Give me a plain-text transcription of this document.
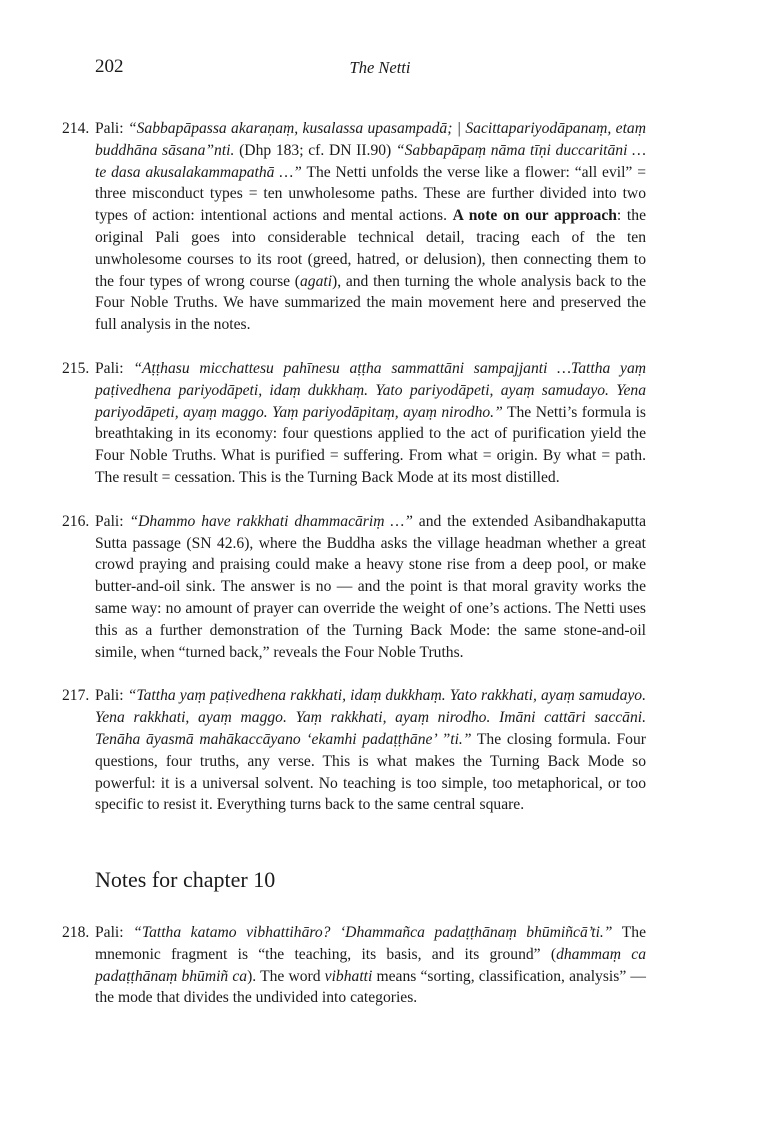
202	The Netti
214. Pali: “Sabbapāpassa akaraṇaṃ, kusalassa upasampadā; | Sacittapariyodāpanaṃ, etaṃ buddhāna sāsana”nti. (Dhp 183; cf. DN II.90) “Sabbapāpaṃ nāma tīṇi duccaritāni …te dasa akusalakammapathā …” The Netti unfolds the verse like a flower: “all evil” = three misconduct types = ten unwholesome paths. These are further divided into two types of action: intentional actions and mental actions. A note on our approach: the original Pali goes into considerable technical detail, tracing each of the ten unwholesome courses to its root (greed, hatred, or delusion), then connecting them to the four types of wrong course (agati), and then turning the whole analysis back to the Four Noble Truths. We have summarized the main movement here and preserved the full analysis in the notes.
215. Pali: “Aṭṭhasu micchattesu pahīnesu aṭṭha sammattāni sampajjanti …Tattha yaṃ paṭivedhena pariyodāpeti, idaṃ dukkhaṃ. Yato pariyodāpeti, ayaṃ samudayo. Yena pariyodāpeti, ayaṃ maggo. Yaṃ pariyodāpitaṃ, ayaṃ nirodho.” The Netti’s formula is breathtaking in its economy: four questions applied to the act of purification yield the Four Noble Truths. What is purified = suffering. From what = origin. By what = path. The result = cessation. This is the Turning Back Mode at its most distilled.
216. Pali: “Dhammo have rakkhati dhammacāriṃ …” and the extended Asibandhakaputta Sutta passage (SN 42.6), where the Buddha asks the village headman whether a great crowd praying and praising could make a heavy stone rise from a deep pool, or make butter-and-oil sink. The answer is no — and the point is that moral gravity works the same way: no amount of prayer can override the weight of one’s actions. The Netti uses this as a further demonstration of the Turning Back Mode: the same stone-and-oil simile, when “turned back,” reveals the Four Noble Truths.
217. Pali: “Tattha yaṃ paṭivedhena rakkhati, idaṃ dukkhaṃ. Yato rakkhati, ayaṃ samudayo. Yena rakkhati, ayaṃ maggo. Yaṃ rakkhati, ayaṃ nirodho. Imāni cattāri saccāni. Tenāha āyasmā mahākaccāyano ‘ekamhi padaṭṭhāne’ ”ti.” The closing formula. Four questions, four truths, any verse. This is what makes the Turning Back Mode so powerful: it is a universal solvent. No teaching is too simple, too metaphorical, or too specific to resist it. Everything turns back to the same central square.
Notes for chapter 10
218. Pali: “Tattha katamo vibhattihāro? ‘Dhammañca padaṭṭhānaṃ bhūmiñcā’ti.” The mnemonic fragment is “the teaching, its basis, and its ground” (dhammaṃ ca padaṭṭhānaṃ bhūmiñ ca). The word vibhatti means “sorting, classification, analysis” — the mode that divides the undivided into categories.
